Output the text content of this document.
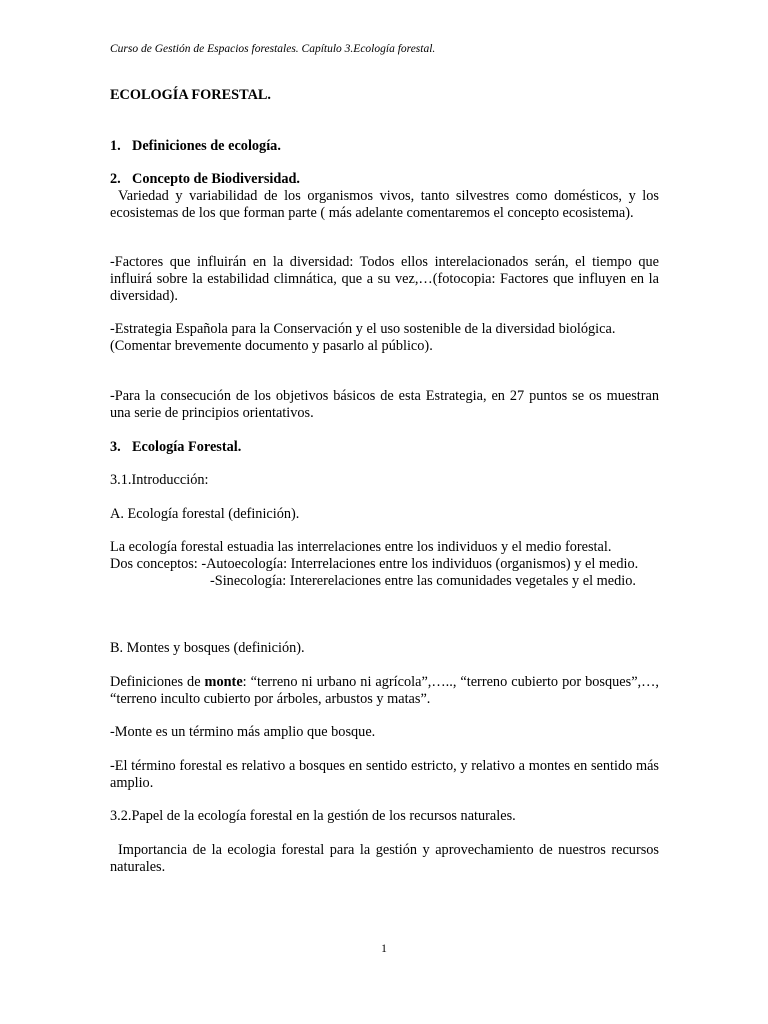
Curso de Gestión de Espacios forestales. Capítulo 3.Ecología forestal.
ECOLOGÍA FORESTAL.
1. Definiciones de ecología.
2. Concepto de Biodiversidad.
Variedad y variabilidad de los organismos vivos, tanto silvestres como domésticos, y los ecosistemas de los que forman parte ( más adelante comentaremos el concepto ecosistema).
-Factores que influirán en la diversidad: Todos ellos interelacionados serán, el tiempo que influirá sobre la estabilidad climnática, que a su vez,…(fotocopia: Factores que influyen en la diversidad).

-Estrategia Española para la Conservación y el uso sostenible de la diversidad biológica.

(Comentar brevemente documento y pasarlo al público).

-Para la consecución de los objetivos básicos de esta Estrategia, en 27 puntos se os muestran una serie de principios orientativos.
3. Ecología Forestal.
3.1.Introducción:
A. Ecología forestal (definición).

La ecología forestal estuadia las interrelaciones entre los individuos y el medio forestal.

Dos conceptos: -Autoecología: Interrelaciones entre los individuos (organismos) y el medio.

-Sinecología: Intererelaciones entre las comunidades vegetales y el medio.

B. Montes y bosques (definición).
Definiciones de monte: “terreno ni urbano ni agrícola”,….., “terreno cubierto por bosques”,…, “terreno inculto cubierto por árboles, arbustos y matas”.
-Monte es un término más amplio que bosque.
-El término forestal es relativo a bosques en sentido estricto, y relativo a montes en sentido más amplio.
3.2.Papel de la ecología forestal en la gestión de los recursos naturales.

Importancia de la ecologia forestal para la gestión y aprovechamiento de nuestros recursos naturales.

1
